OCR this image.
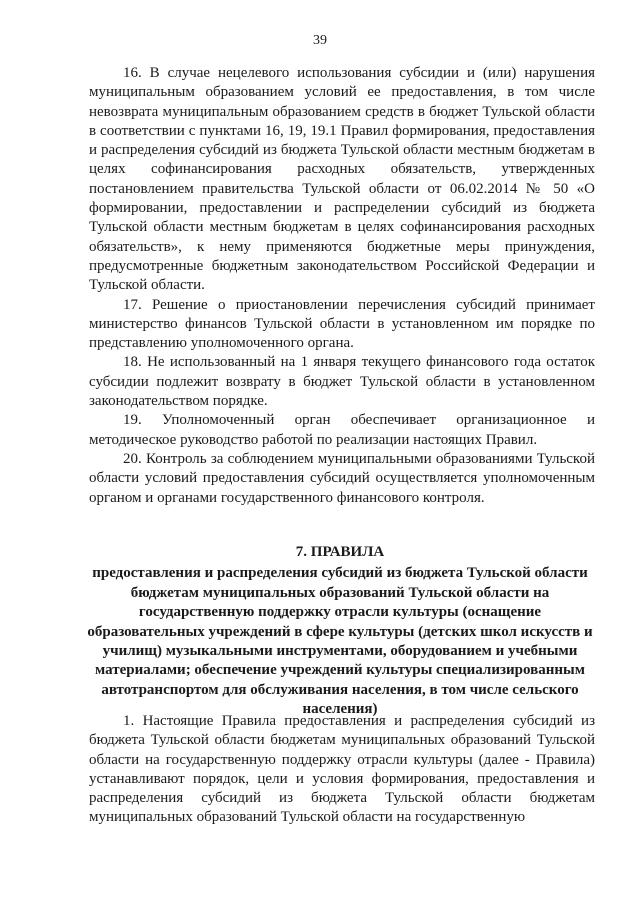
39

16. В случае нецелевого использования субсидии и (или) нарушения муниципальным образованием условий ее предоставления, в том числе невозврата муниципальным образованием средств в бюджет Тульской области в соответствии с пунктами 16, 19, 19.1 Правил формирования, предоставления и распределения субсидий из бюджета Тульской области местным бюджетам в целях софинансирования расходных обязательств, утвержденных постановлением правительства Тульской области от 06.02.2014 № 50 «О формировании, предоставлении и распределении субсидий из бюджета Тульской области местным бюджетам в целях софинансирования расходных обязательств», к нему применяются бюджетные меры принуждения, предусмотренные бюджетным законодательством Российской Федерации и Тульской области.

17. Решение о приостановлении перечисления субсидий принимает министерство финансов Тульской области в установленном им порядке по представлению уполномоченного органа.

18. Не использованный на 1 января текущего финансового года остаток субсидии подлежит возврату в бюджет Тульской области в установленном законодательством порядке.

19. Уполномоченный орган обеспечивает организационное и методическое руководство работой по реализации настоящих Правил.

20. Контроль за соблюдением муниципальными образованиями Тульской области условий предоставления субсидий осуществляется уполномоченным органом и органами государственного финансового контроля.

7. ПРАВИЛА
предоставления и распределения субсидий из бюджета Тульской области бюджетам муниципальных образований Тульской области на государственную поддержку отрасли культуры (оснащение образовательных учреждений в сфере культуры (детских школ искусств и училищ) музыкальными инструментами, оборудованием и учебными материалами; обеспечение учреждений культуры специализированным автотранспортом для обслуживания населения, в том числе сельского населения)

1. Настоящие Правила предоставления и распределения субсидий из бюджета Тульской области бюджетам муниципальных образований Тульской области на государственную поддержку отрасли культуры (далее - Правила) устанавливают порядок, цели и условия формирования, предоставления и распределения субсидий из бюджета Тульской области бюджетам муниципальных образований Тульской области на государственную
